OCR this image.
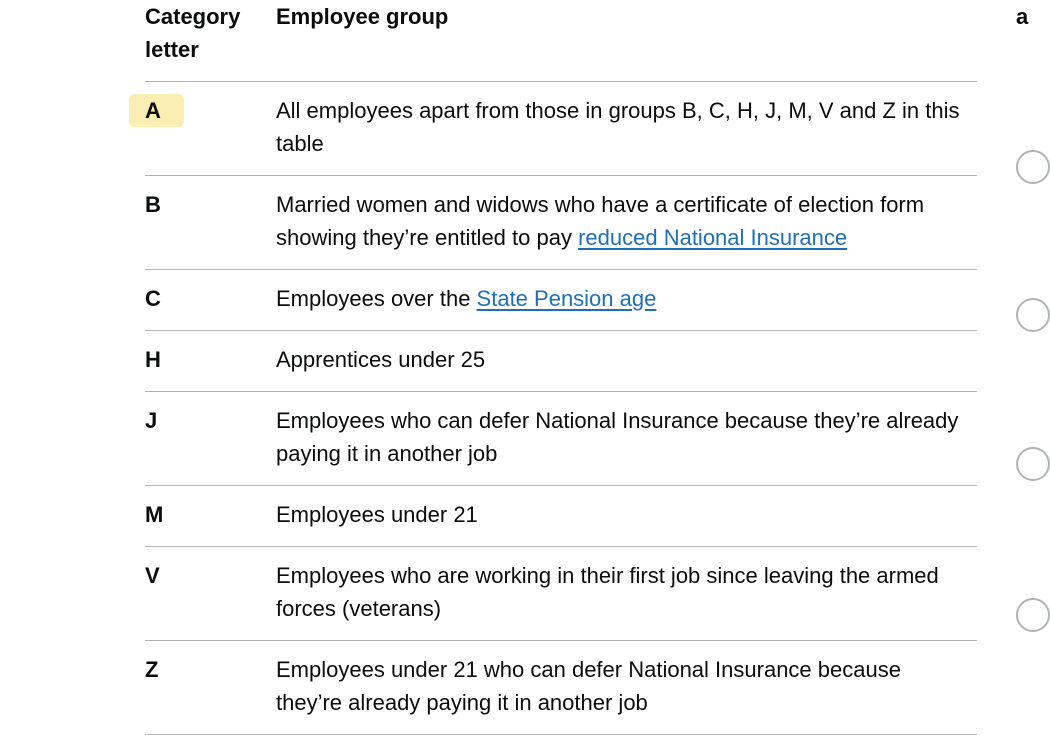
Category letter	Employee group
A	All employees apart from those in groups B, C, H, J, M, V and Z in this table
B	Married women and widows who have a certificate of election form showing they’re entitled to pay reduced National Insurance
C	Employees over the State Pension age
H	Apprentices under 25
J	Employees who can defer National Insurance because they’re already paying it in another job
M	Employees under 21
V	Employees who are working in their first job since leaving the armed forces (veterans)
Z	Employees under 21 who can defer National Insurance because they’re already paying it in another job
a
